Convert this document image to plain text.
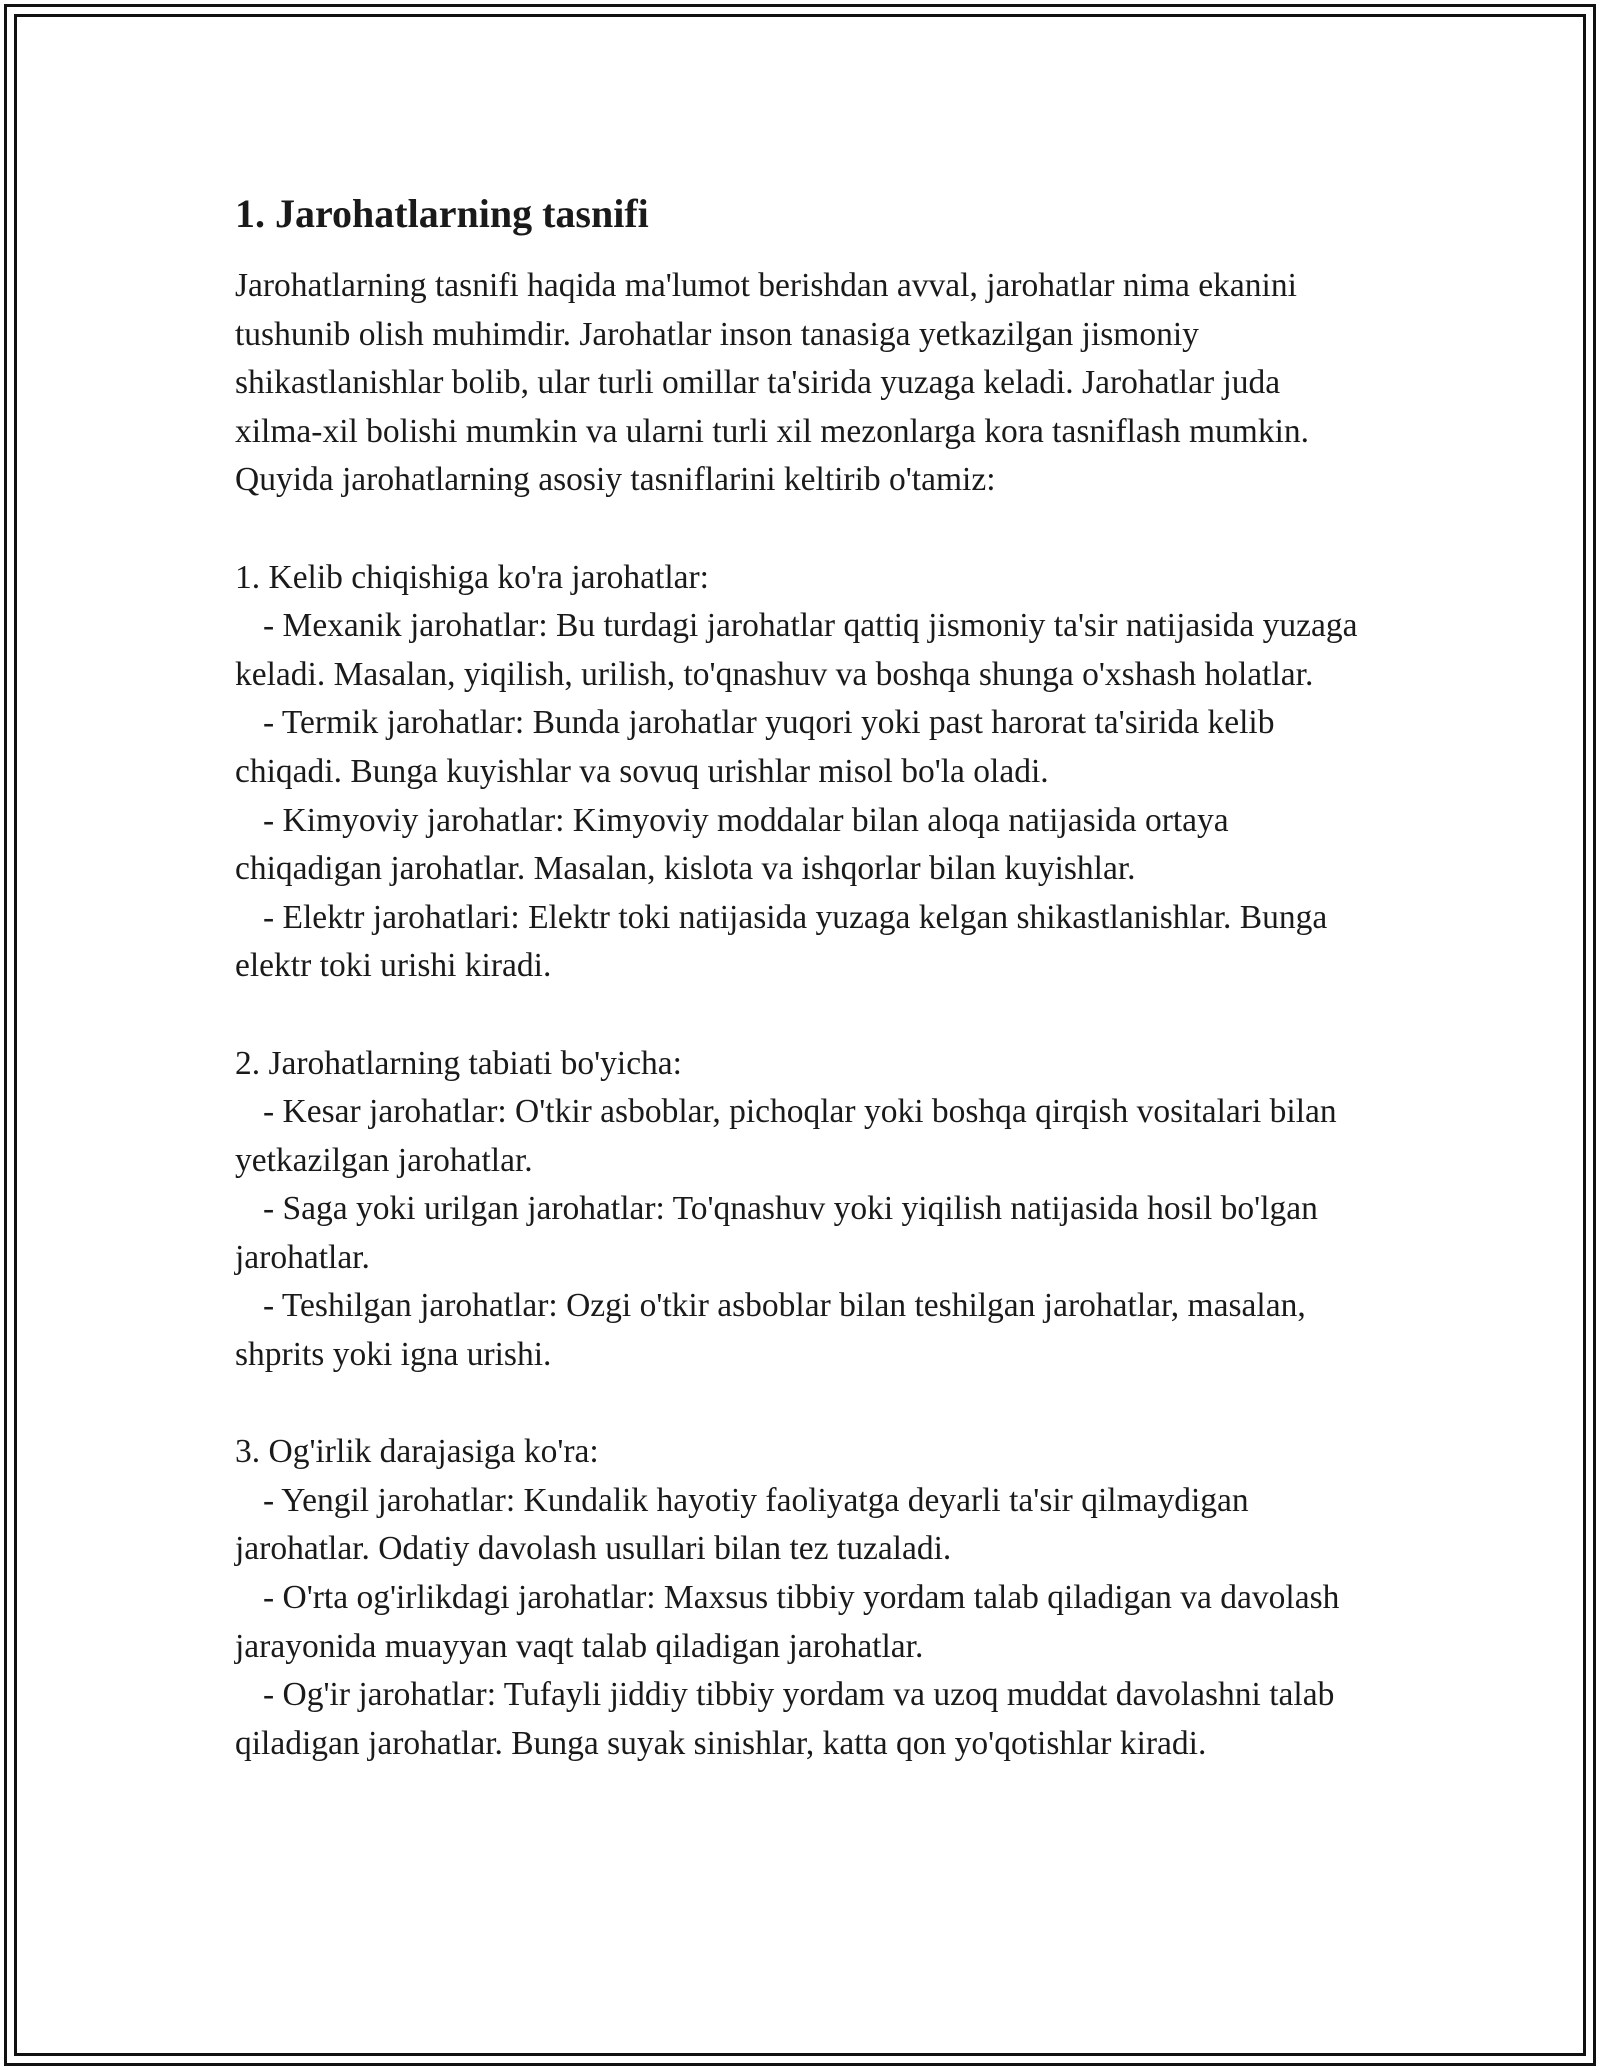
1. Jarohatlarning tasnifi

Jarohatlarning tasnifi haqida ma'lumot berishdan avval, jarohatlar nima ekanini tushunib olish muhimdir. Jarohatlar inson tanasiga yetkazilgan jismoniy shikastlanishlar bolib, ular turli omillar ta'sirida yuzaga keladi. Jarohatlar juda xilma-xil bolishi mumkin va ularni turli xil mezonlarga kora tasniflash mumkin. Quyida jarohatlarning asosiy tasniflarini keltirib o'tamiz:

1. Kelib chiqishiga ko'ra jarohatlar:

- Mexanik jarohatlar: Bu turdagi jarohatlar qattiq jismoniy ta'sir natijasida yuzaga keladi. Masalan, yiqilish, urilish, to'qnashuv va boshqa shunga o'xshash holatlar.

- Termik jarohatlar: Bunda jarohatlar yuqori yoki past harorat ta'sirida kelib chiqadi. Bunga kuyishlar va sovuq urishlar misol bo'la oladi.

- Kimyoviy jarohatlar: Kimyoviy moddalar bilan aloqa natijasida ortaya chiqadigan jarohatlar. Masalan, kislota va ishqorlar bilan kuyishlar.

- Elektr jarohatlari: Elektr toki natijasida yuzaga kelgan shikastlanishlar. Bunga elektr toki urishi kiradi.

2. Jarohatlarning tabiati bo'yicha:

- Kesar jarohatlar: O'tkir asboblar, pichoqlar yoki boshqa qirqish vositalari bilan yetkazilgan jarohatlar.

- Saga yoki urilgan jarohatlar: To'qnashuv yoki yiqilish natijasida hosil bo'lgan jarohatlar.

- Teshilgan jarohatlar: Ozgi o'tkir asboblar bilan teshilgan jarohatlar, masalan, shprits yoki igna urishi.

3. Og'irlik darajasiga ko'ra:

- Yengil jarohatlar: Kundalik hayotiy faoliyatga deyarli ta'sir qilmaydigan jarohatlar. Odatiy davolash usullari bilan tez tuzaladi.

- O'rta og'irlikdagi jarohatlar: Maxsus tibbiy yordam talab qiladigan va davolash jarayonida muayyan vaqt talab qiladigan jarohatlar.

- Og'ir jarohatlar: Tufayli jiddiy tibbiy yordam va uzoq muddat davolashni talab qiladigan jarohatlar. Bunga suyak sinishlar, katta qon yo'qotishlar kiradi.
